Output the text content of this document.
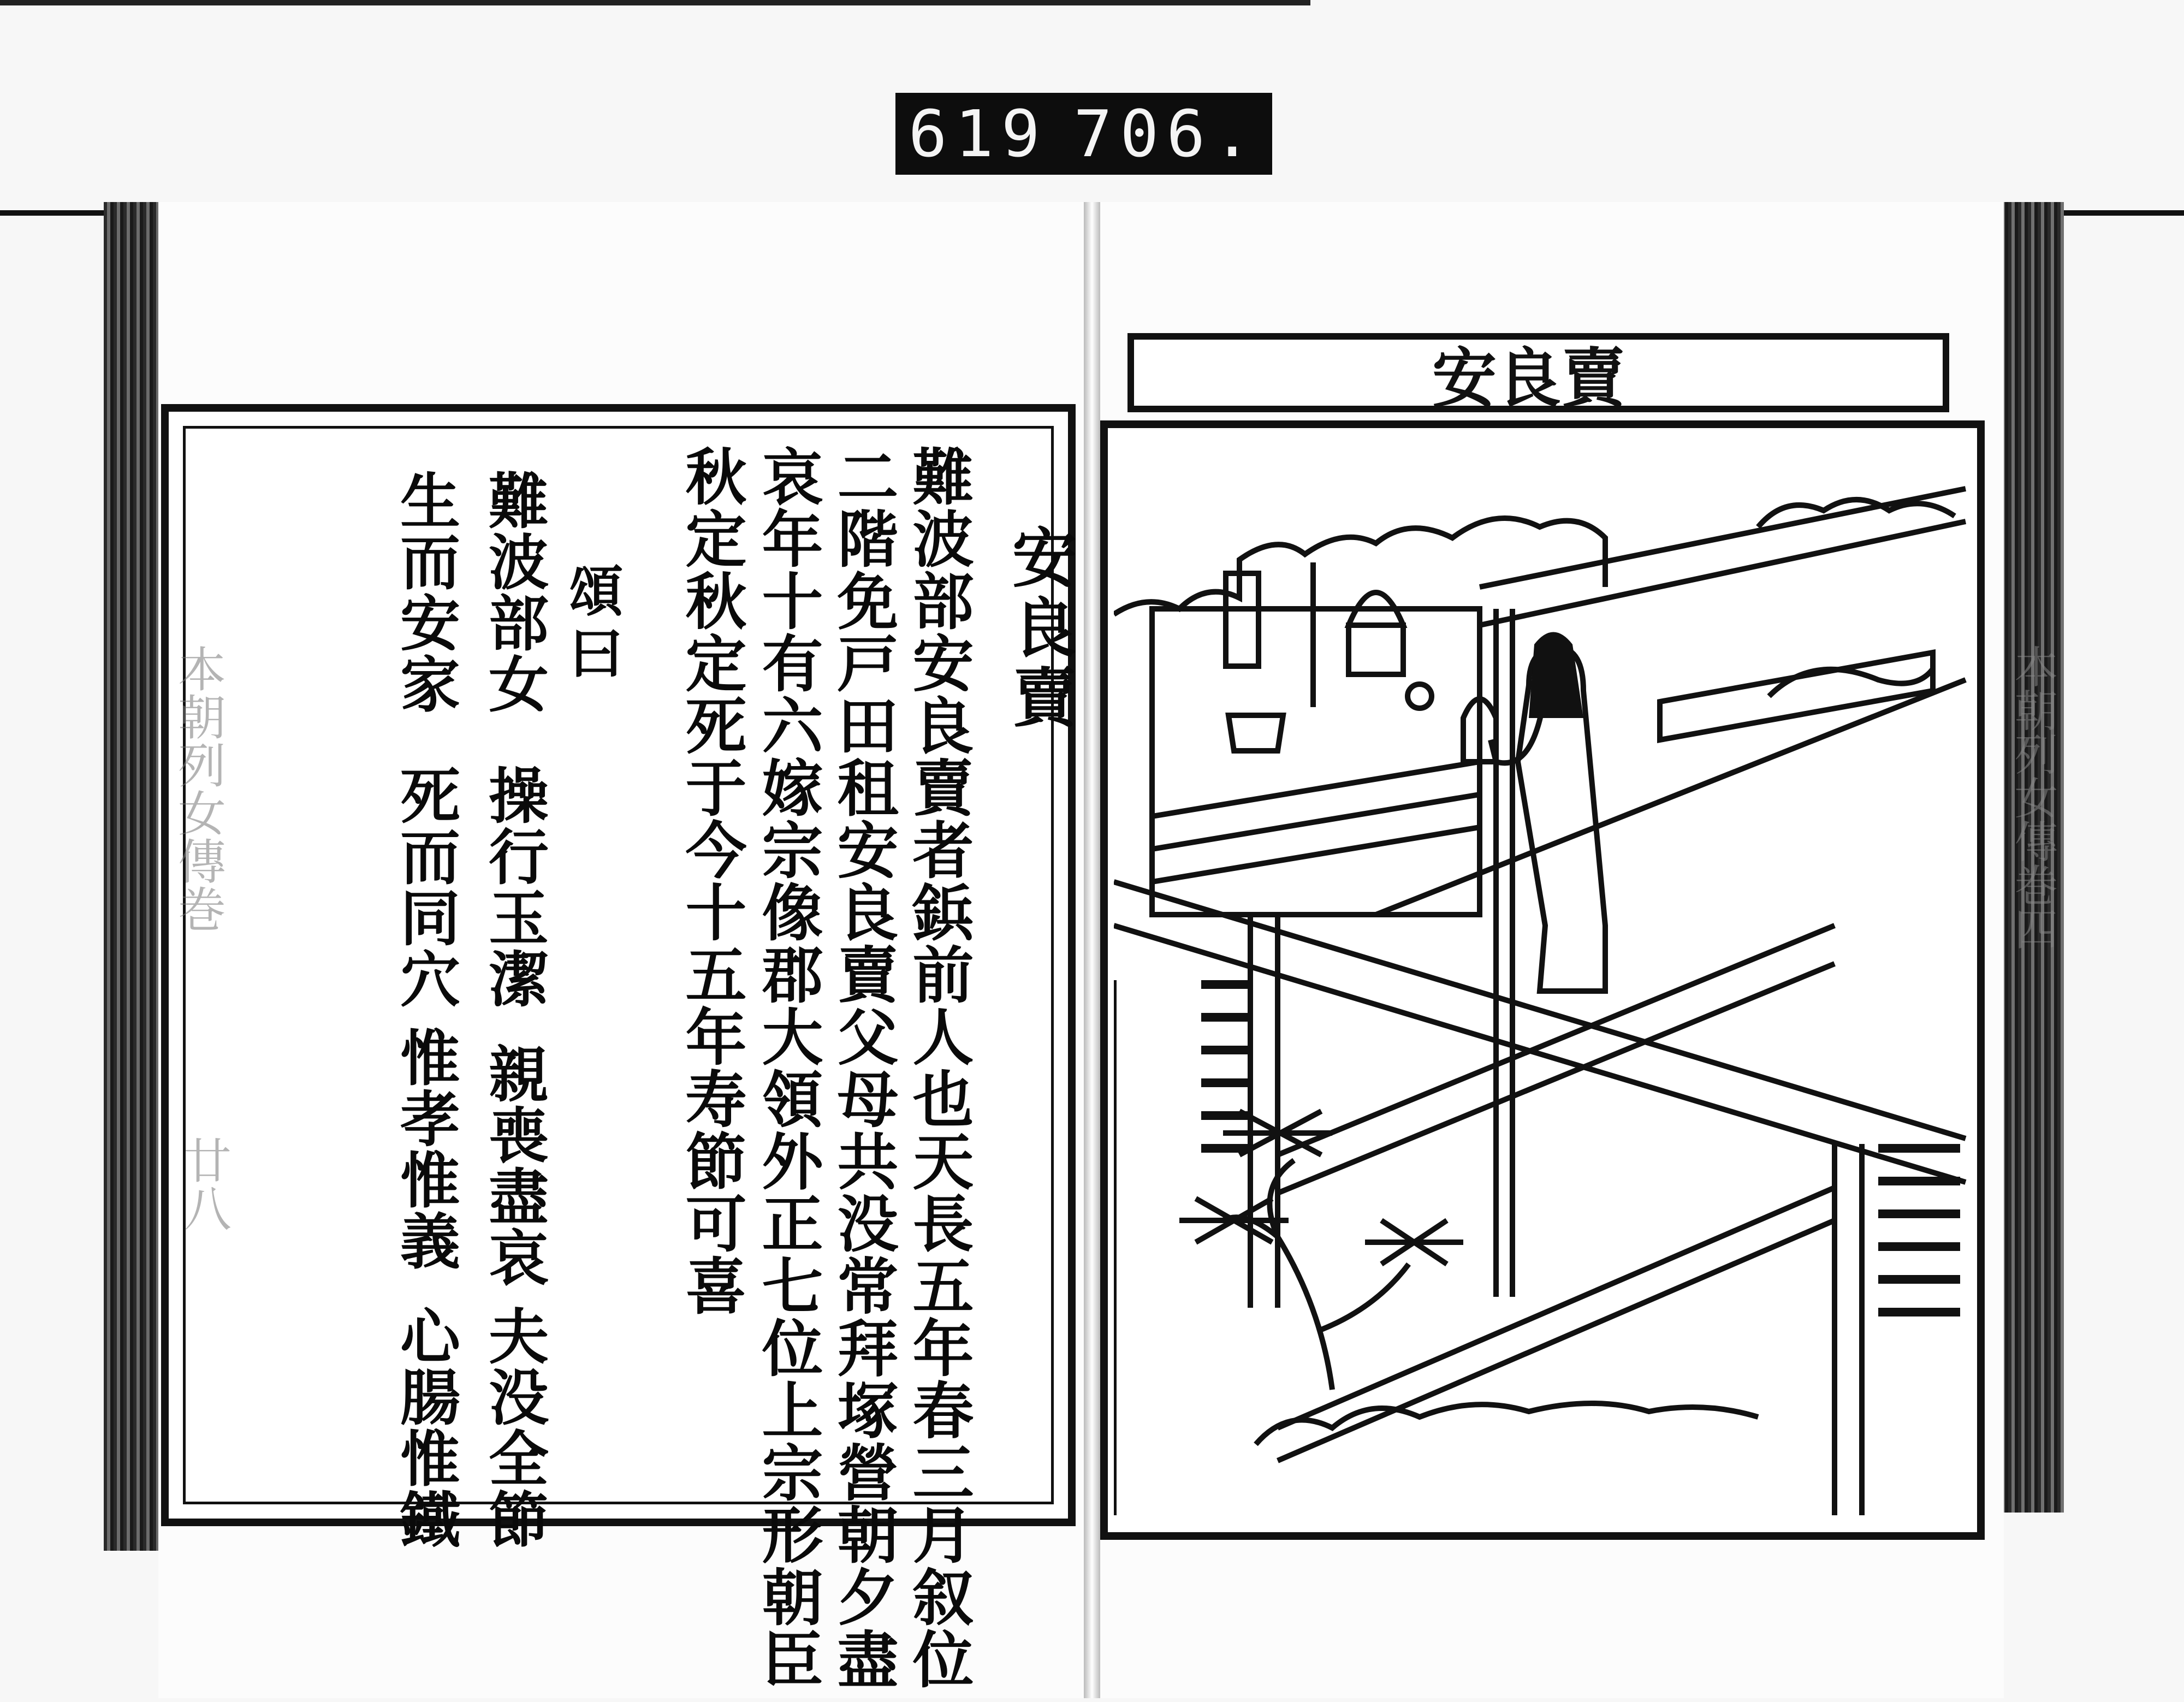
619 706.
本朝列女傳巻
廿八
安良賣
難波部安良賣者鋲前人也天長五年春三月叙位
二階免戸田租安良賣父母共没常拜塚營朝夕盡
哀年十有六嫁宗像郡大領外正七位上宗形朝臣
秋定秋定死于今十五年寿節可喜
頌曰
難波部女
操行玉潔
親喪盡哀
夫没全節
生而安家
死而同穴
惟孝惟義
心腸惟鐵
安良賣
本朝列女傳巻四
